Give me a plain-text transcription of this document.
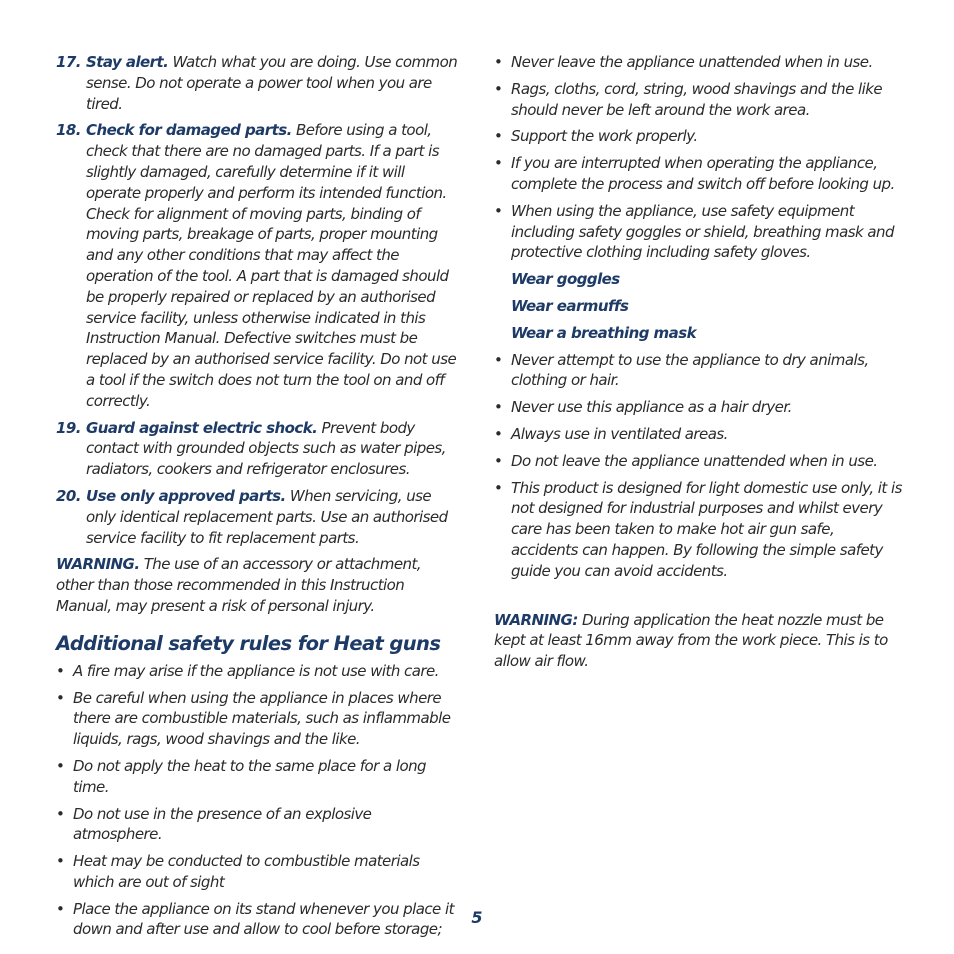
17. Stay alert. Watch what you are doing. Use common sense. Do not operate a power tool when you are tired.
18. Check for damaged parts. Before using a tool, check that there are no damaged parts. If a part is slightly damaged, carefully determine if it will operate properly and perform its intended function. Check for alignment of moving parts, binding of moving parts, breakage of parts, proper mounting and any other conditions that may affect the operation of the tool. A part that is damaged should be properly repaired or replaced by an authorised service facility, unless otherwise indicated in this Instruction Manual. Defective switches must be replaced by an authorised service facility. Do not use a tool if the switch does not turn the tool on and off correctly.
19. Guard against electric shock. Prevent body contact with grounded objects such as water pipes, radiators, cookers and refrigerator enclosures.
20. Use only approved parts. When servicing, use only identical replacement parts. Use an authorised service facility to fit replacement parts.
WARNING. The use of an accessory or attachment, other than those recommended in this Instruction Manual, may present a risk of personal injury.
Additional safety rules for Heat guns
• A fire may arise if the appliance is not use with care.
• Be careful when using the appliance in places where there are combustible materials, such as inflammable liquids, rags, wood shavings and the like.
• Do not apply the heat to the same place for a long time.
• Do not use in the presence of an explosive atmosphere.
• Heat may be conducted to combustible materials which are out of sight
• Place the appliance on its stand whenever you place it down and after use and allow to cool before storage;
• Never leave the appliance unattended when in use.
• Rags, cloths, cord, string, wood shavings and the like should never be left around the work area.
• Support the work properly.
• If you are interrupted when operating the appliance, complete the process and switch off before looking up.
• When using the appliance, use safety equipment including safety goggles or shield, breathing mask and protective clothing including safety gloves.
Wear goggles
Wear earmuffs
Wear a breathing mask
• Never attempt to use the appliance to dry animals, clothing or hair.
• Never use this appliance as a hair dryer.
• Always use in ventilated areas.
• Do not leave the appliance unattended when in use.
• This product is designed for light domestic use only, it is not designed for industrial purposes and whilst every care has been taken to make hot air gun safe, accidents can happen. By following the simple safety guide you can avoid accidents.
WARNING: During application the heat nozzle must be kept at least 16mm away from the work piece. This is to allow air flow.
5
